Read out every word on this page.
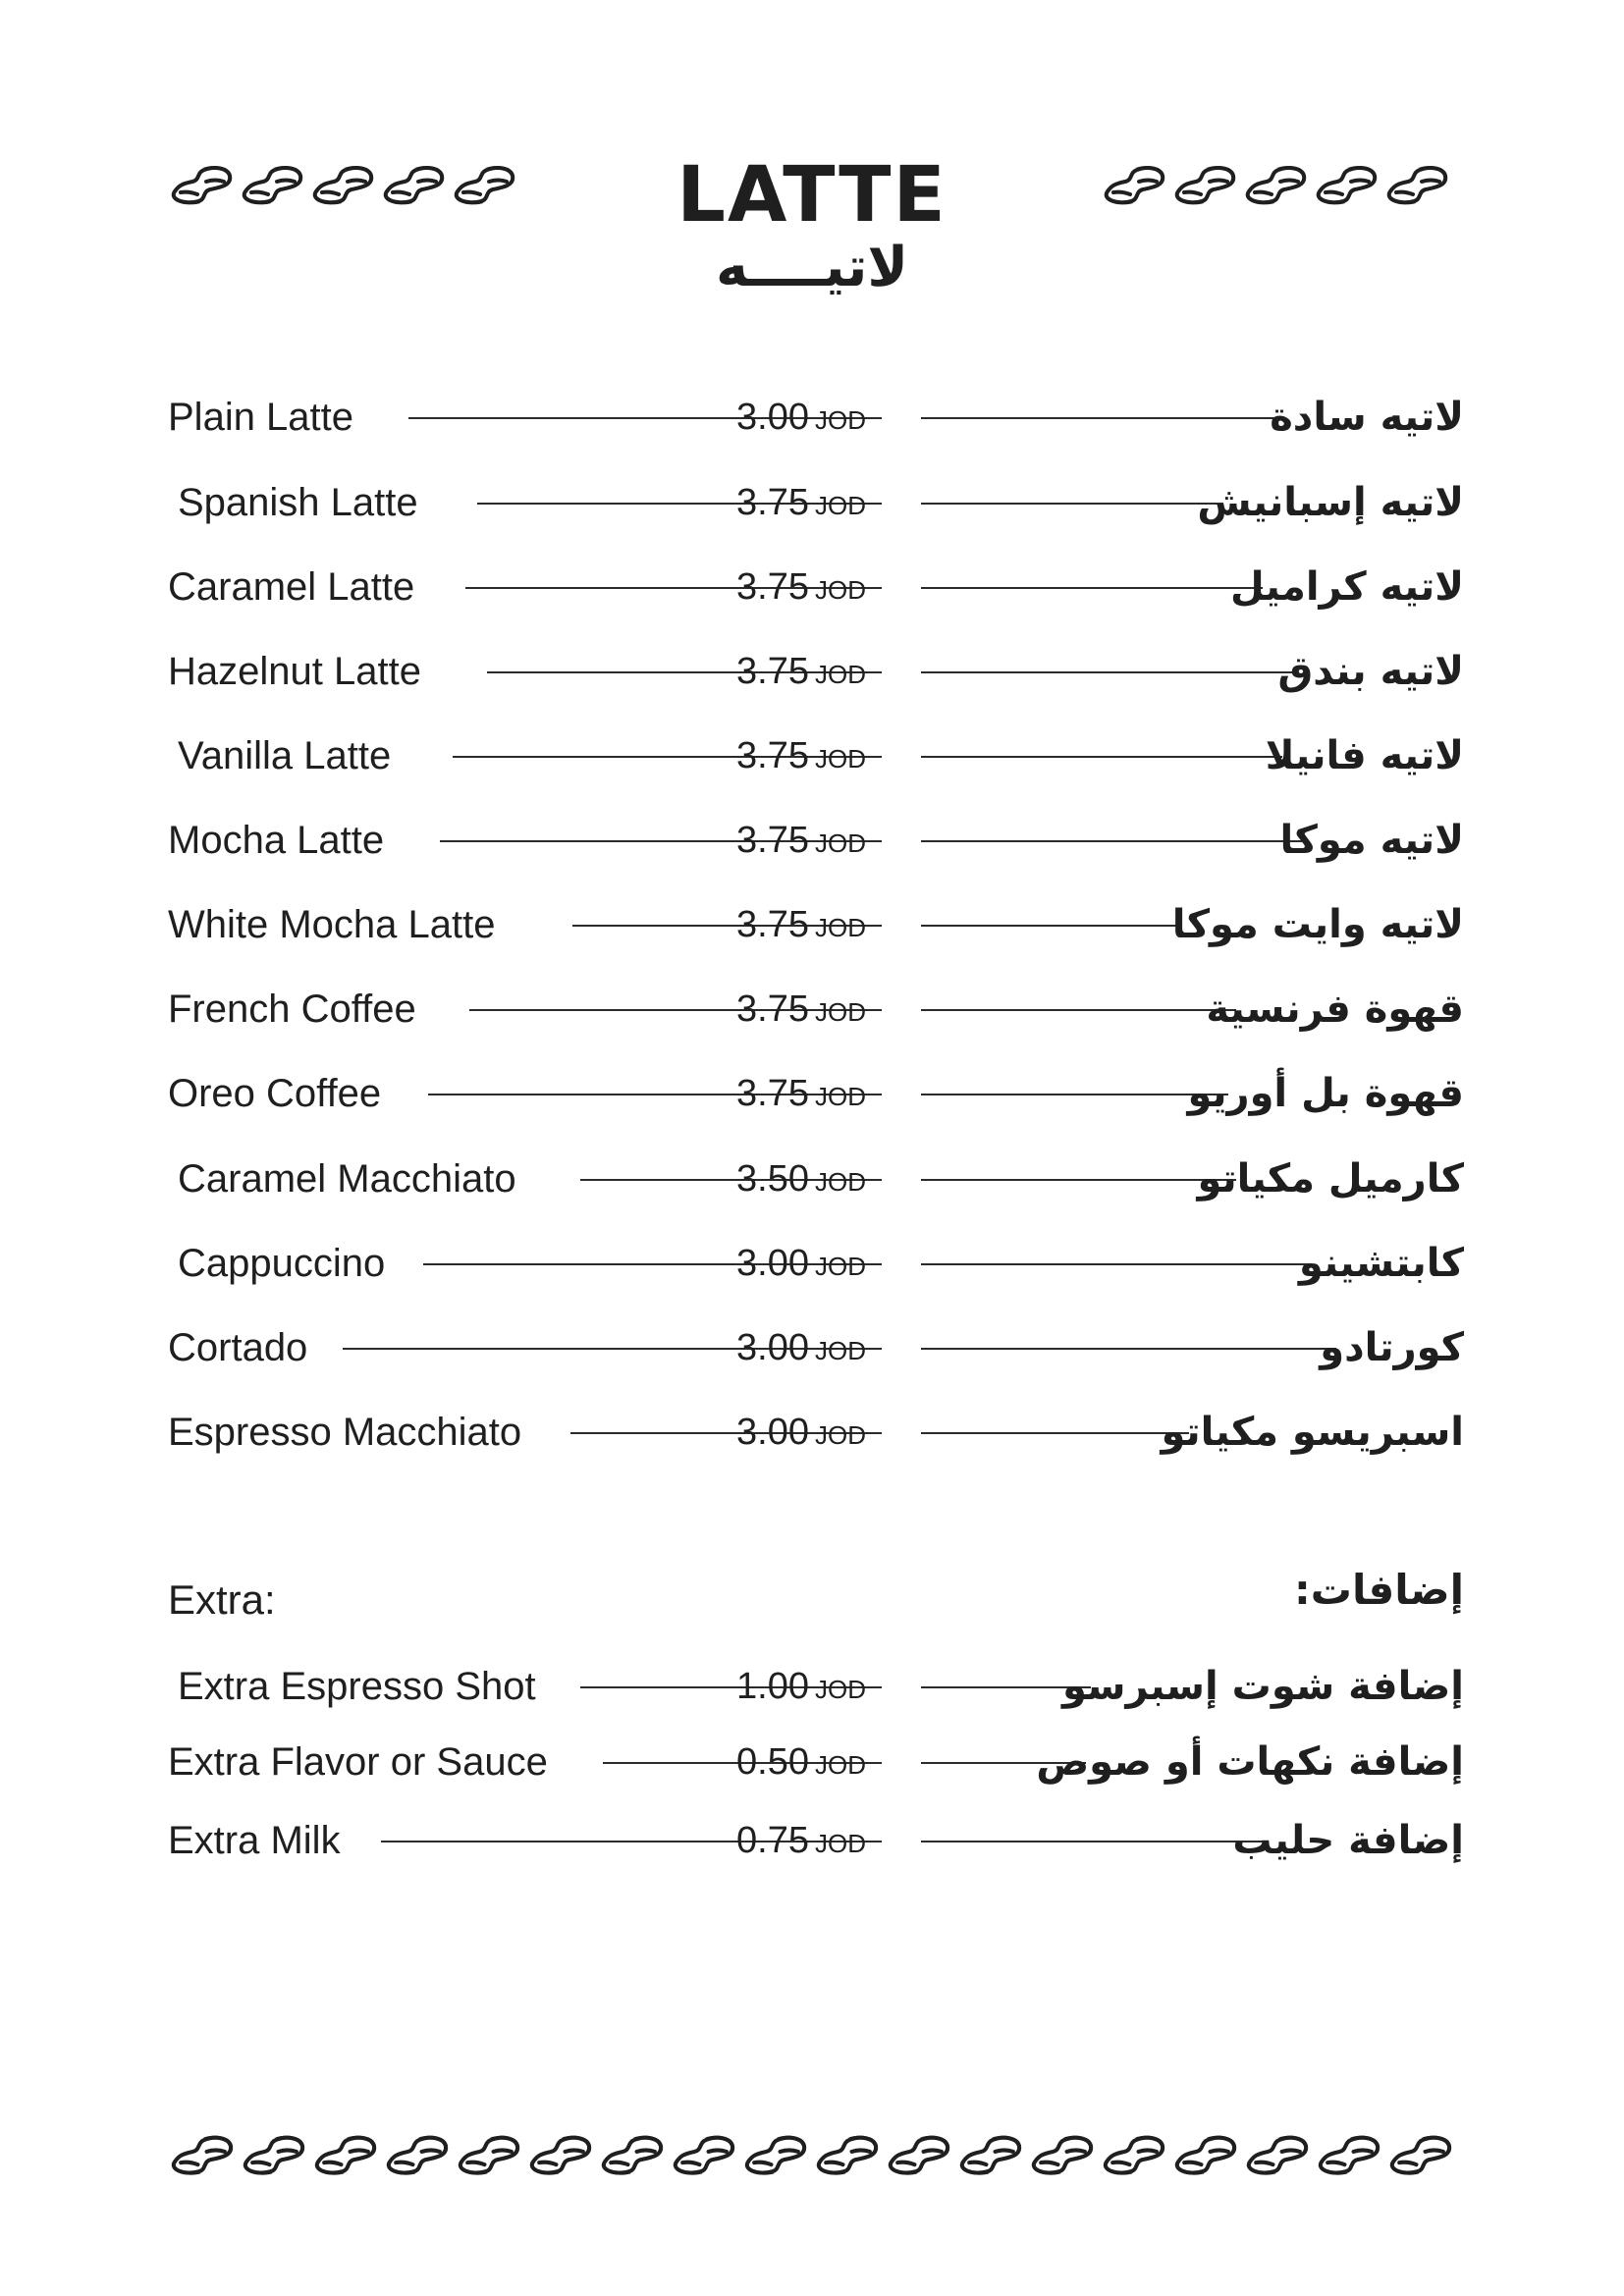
LATTE
لاتيــــه
Plain Latte	3.00 JOD	لاتيه سادة
Spanish Latte	3.75 JOD	لاتيه إسبانيش
Caramel Latte	3.75 JOD	لاتيه كراميل
Hazelnut Latte	3.75 JOD	لاتيه بندق
Vanilla Latte	3.75 JOD	لاتيه فانيلا
Mocha Latte	3.75 JOD	لاتيه موكا
White Mocha Latte	3.75 JOD	لاتيه وايت موكا
French Coffee	3.75 JOD	قهوة فرنسية
Oreo Coffee	3.75 JOD	قهوة بل أوريو
Caramel Macchiato	3.50 JOD	كارميل مكياتو
Cappuccino	3.00 JOD	كابتشينو
Cortado	3.00 JOD	كورتادو
Espresso Macchiato	3.00 JOD	اسبريسو مكياتو
Extra:	إضافات:
Extra Espresso Shot	1.00 JOD	إضافة شوت إسبرسو
Extra Flavor or Sauce	0.50 JOD	إضافة نكهات أو صوص
Extra Milk	0.75 JOD	إضافة حليب
